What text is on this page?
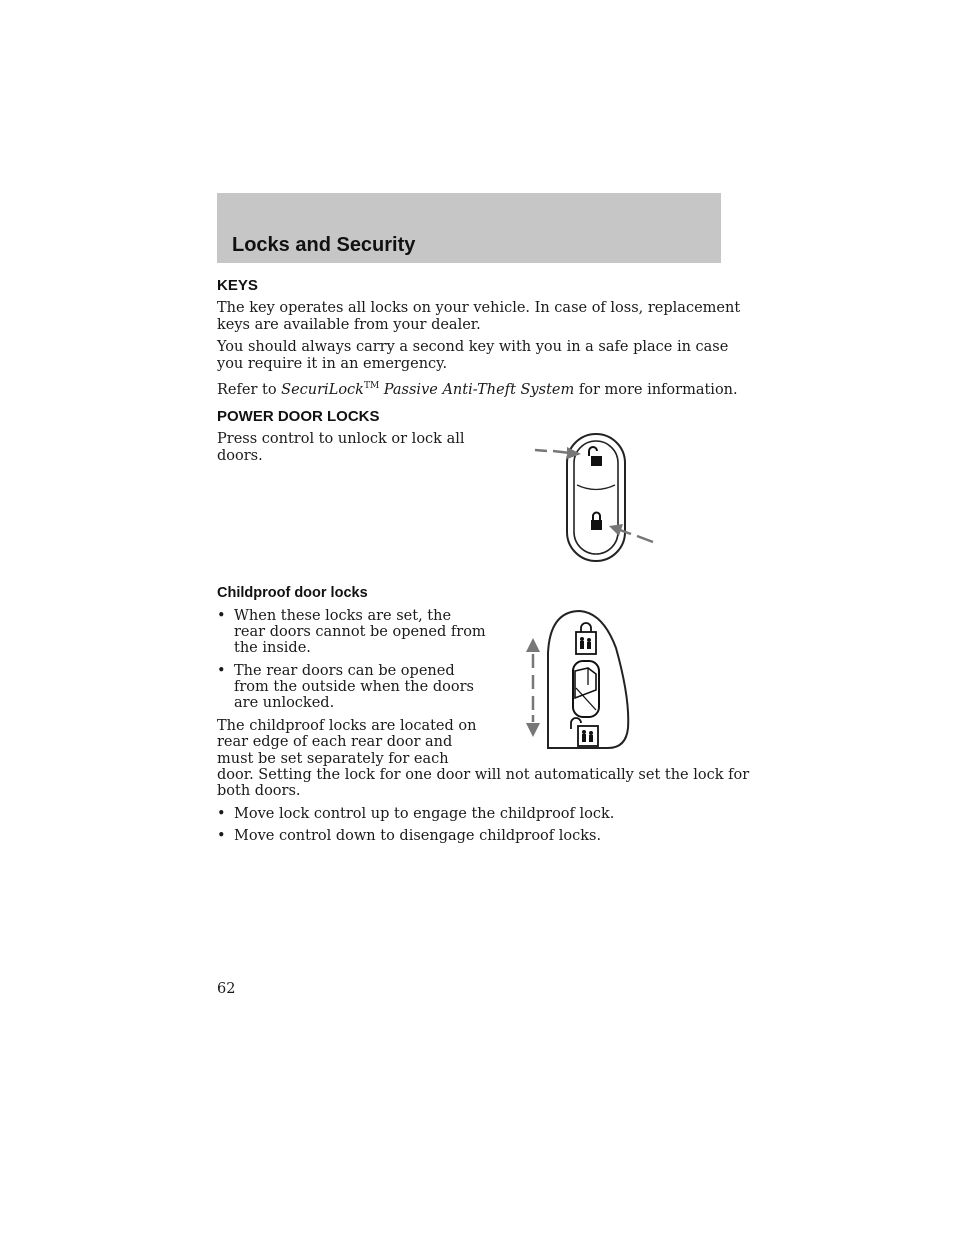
Locks and Security
KEYS
The key operates all locks on your vehicle. In case of loss, replacement
keys are available from your dealer.
You should always carry a second key with you in a safe place in case
you require it in an emergency.
Refer to SecuriLock™ Passive Anti-Theft System for more information.
POWER DOOR LOCKS
Press control to unlock or lock all
doors.
Childproof door locks
• When these locks are set, the
rear doors cannot be opened from
the inside.
• The rear doors can be opened
from the outside when the doors
are unlocked.
The childproof locks are located on
rear edge of each rear door and
must be set separately for each
door. Setting the lock for one door will not automatically set the lock for
both doors.
• Move lock control up to engage the childproof lock.
• Move control down to disengage childproof locks.
62
